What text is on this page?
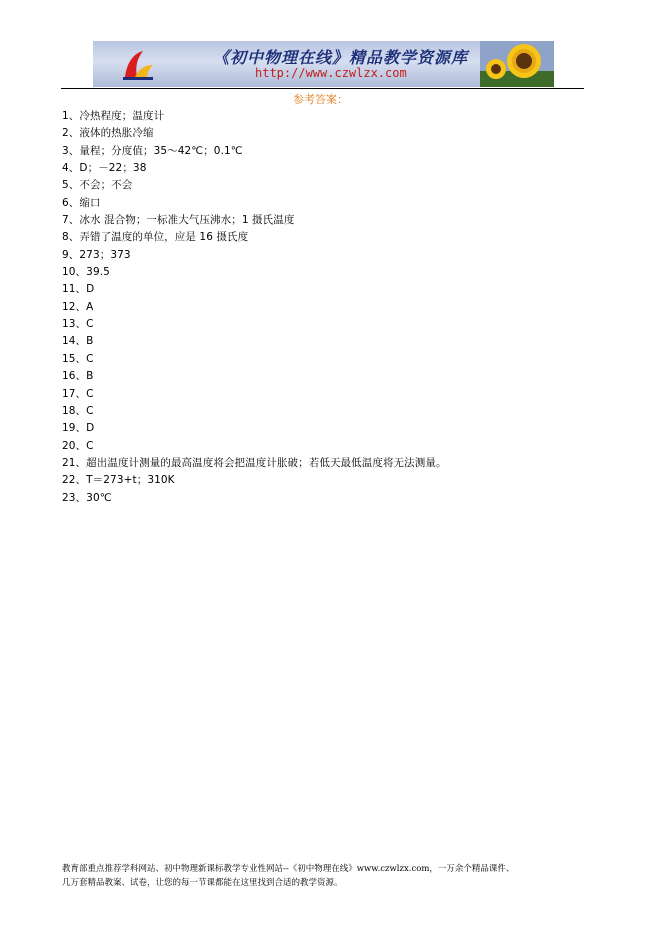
《初中物理在线》精品教学资源库
http://www.czwlzx.com
参考答案：
1、冷热程度；温度计
2、液体的热胀冷缩
3、量程；分度值；35～42℃；0.1℃
4、D；－22；38
5、不会；不会
6、缩口
7、冰水 混合物；一标准大气压沸水；1 摄氏温度
8、弄错了温度的单位，应是 16 摄氏度
9、273；373
10、39.5
11、D
12、A
13、C
14、B
15、C
16、B
17、C
18、C
19、D
20、C
21、超出温度计测量的最高温度将会把温度计胀破；若低天最低温度将无法测量。
22、T＝273+t；310K
23、30℃
教育部重点推荐学科网站、初中物理新课标教学专业性网站--《初中物理在线》www.czwlzx.com，一万余个精品课件、
几万套精品教案、试卷，让您的每一节课都能在这里找到合适的教学资源。
